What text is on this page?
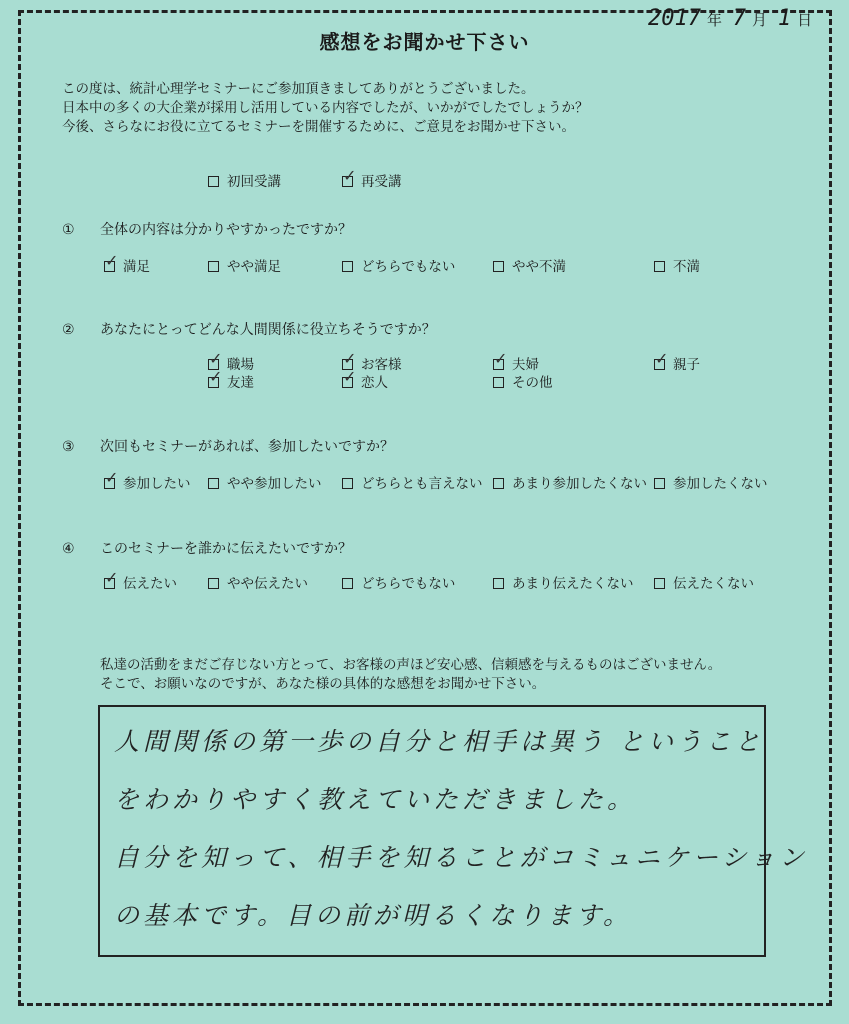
2017 年 7 月 1 日
感想をお聞かせ下さい
この度は、統計心理学セミナーにご参加頂きましてありがとうございました。
日本中の多くの大企業が採用し活用している内容でしたが、いかがでしたでしょうか？
今後、さらなにお役に立てるセミナーを開催するために、ご意見をお聞かせ下さい。
初回受講	✓ 再受講
① 全体の内容は分かりやすかったですか？
✓ 満足	やや満足	どちらでもない	やや不満	不満
② あなたにとってどんな人間関係に役立ちそうですか？
✓ 職場	✓ お客様	✓ 夫婦	✓ 親子
✓ 友達	✓ 恋人	その他
③ 次回もセミナーがあれば、参加したいですか？
✓ 参加したい	やや参加したい	どちらとも言えない	あまり参加したくない	参加したくない
④ このセミナーを誰かに伝えたいですか？
✓ 伝えたい	やや伝えたい	どちらでもない	あまり伝えたくない	伝えたくない
私達の活動をまだご存じない方とって、お客様の声ほど安心感、信頼感を与えるものはございません。
そこで、お願いなのですが、あなた様の具体的な感想をお聞かせ下さい。

人間関係の第一歩の自分と相手は異う ということ

をわかりやすく教えていただきました。

自分を知って、相手を知ることがコミュニケーション

の基本です。目の前が明るくなります。
